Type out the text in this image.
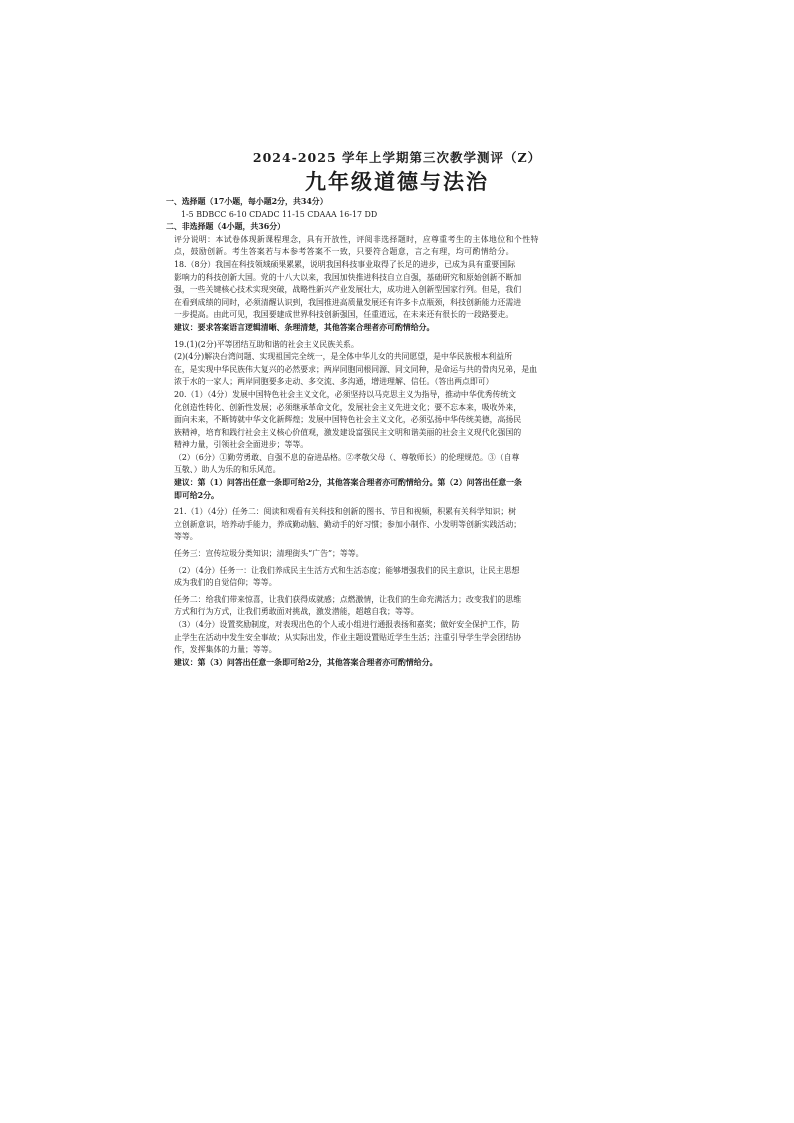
2024-2025 学年上学期第三次教学测评（Z）
九年级道德与法治
一、选择题（17小题，每小题2分，共34分）
1-5 BDBCC 6-10 CDADC 11-15 CDAAA 16-17 DD
二、非选择题（4小题，共36分）
评分说明：本试卷体现新课程理念，具有开放性，评阅非选择题时，应尊重考生的主体地位和个性特
点，鼓励创新。考生答案若与本参考答案不一致，只要符合题意，言之有理，均可酌情给分。
18.（8分）我国在科技领域硕果累累，说明我国科技事业取得了长足的进步，已成为具有重要国际
影响力的科技创新大国。党的十八大以来，我国加快推进科技自立自强，基础研究和原始创新不断加
强，一些关键核心技术实现突破，战略性新兴产业发展壮大，成功进入创新型国家行列。但是，我们
在看到成绩的同时，必须清醒认识到，我国推进高质量发展还有许多卡点瓶颈，科技创新能力还需进
一步提高。由此可见，我国要建成世界科技创新强国，任重道远，在未来还有很长的一段路要走。
建议：要求答案语言逻辑清晰、条理清楚，其他答案合理者亦可酌情给分。
19.(1)(2分)平等团结互助和谐的社会主义民族关系。
(2)(4分)解决台湾问题、实现祖国完全统一，是全体中华儿女的共同愿望，是中华民族根本利益所
在，是实现中华民族伟大复兴的必然要求；两岸同胞同根同源、同文同种，是命运与共的骨肉兄弟，是血
浓于水的一家人；两岸同胞要多走动、多交流、多沟通，增进理解、信任。（答出两点即可）
20.（1）（4分）发展中国特色社会主义文化，必须坚持以马克思主义为指导，推动中华优秀传统文
化创造性转化、创新性发展；必须继承革命文化，发展社会主义先进文化；要不忘本来，吸收外来，
面向未来，不断铸就中华文化新辉煌；发展中国特色社会主义文化，必须弘扬中华传统美德，高扬民
族精神，培育和践行社会主义核心价值观，激发建设富强民主文明和谐美丽的社会主义现代化强国的
精神力量，引领社会全面进步；等等。
（2）（6分）①勤劳勇敢、自强不息的奋进品格。②孝敬父母（、尊敬师长）的伦理规范。③（自尊
互敬、）助人为乐的和乐风范。
建议：第（1）问答出任意一条即可给2分，其他答案合理者亦可酌情给分。第（2）问答出任意一条
即可给2分。
21.（1）（4分）任务二：阅读和观看有关科技和创新的图书、节目和视频，积累有关科学知识；树
立创新意识，培养动手能力，养成勤动脑、勤动手的好习惯；参加小制作、小发明等创新实践活动；
等等。
任务三：宣传垃圾分类知识；清理街头“广告”；等等。
（2）（4分）任务一：让我们养成民主生活方式和生活态度；能够增强我们的民主意识，让民主思想
成为我们的自觉信仰；等等。
任务二：给我们带来惊喜，让我们获得成就感；点燃激情，让我们的生命充满活力；改变我们的思维
方式和行为方式，让我们勇敢面对挑战，激发潜能，超越自我；等等。
（3）（4分）设置奖励制度，对表现出色的个人或小组进行通报表扬和嘉奖；做好安全保护工作，防
止学生在活动中发生安全事故；从实际出发，作业主题设置贴近学生生活；注重引导学生学会团结协
作，发挥集体的力量；等等。
建议：第（3）问答出任意一条即可给2分，其他答案合理者亦可酌情给分。
